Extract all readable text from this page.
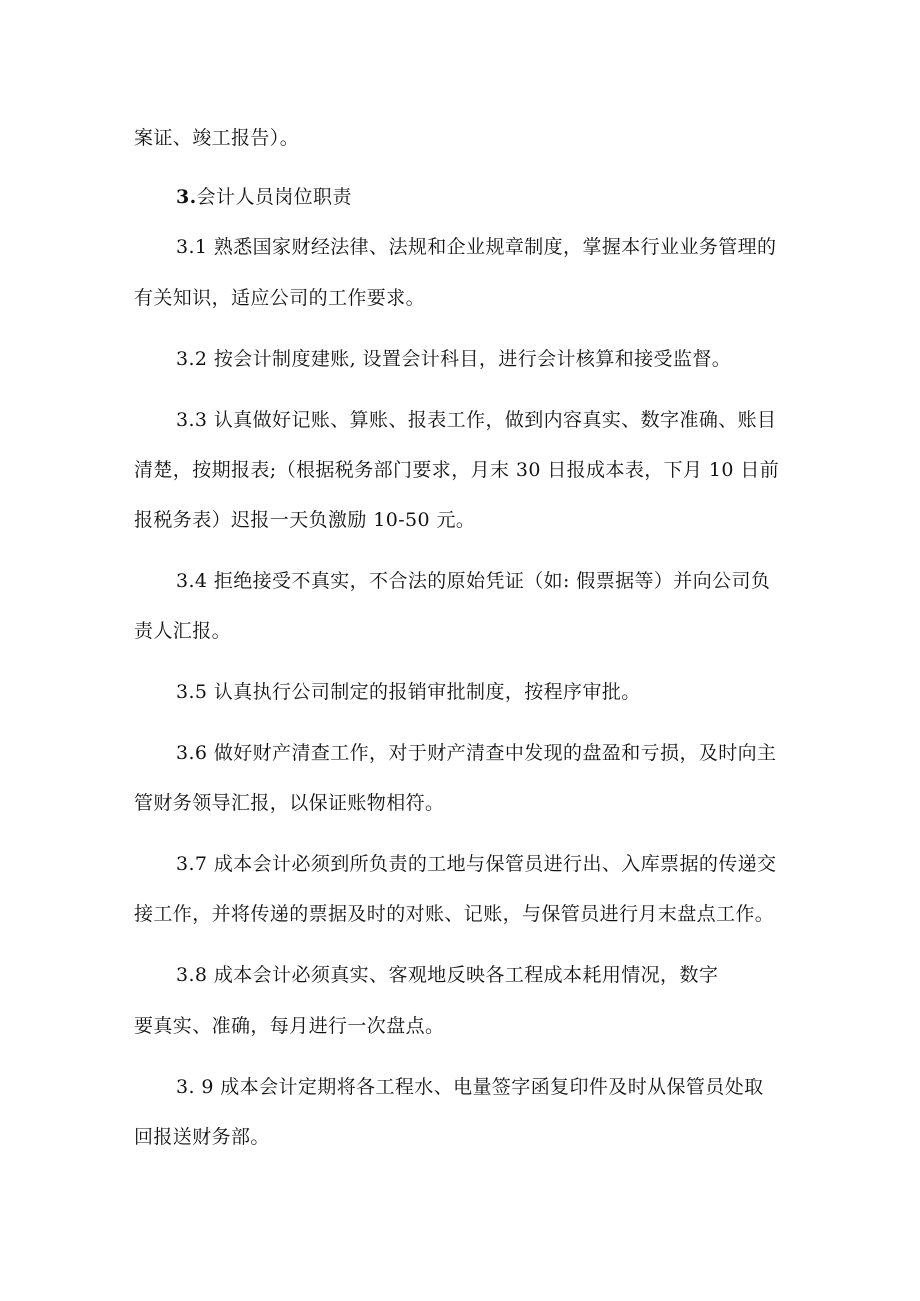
案证、竣工报告）。
3.会计人员岗位职责
3.1 熟悉国家财经法律、法规和企业规章制度，掌握本行业业务管理的
有关知识，适应公司的工作要求。
3.2 按会计制度建账, 设置会计科目，进行会计核算和接受监督。
3.3 认真做好记账、算账、报表工作，做到内容真实、数字准确、账目
清楚，按期报表;（根据税务部门要求，月末 30 日报成本表，下月 10 日前
报税务表）迟报一天负激励 10-50 元。
3.4 拒绝接受不真实，不合法的原始凭证（如: 假票据等）并向公司负
责人汇报。
3.5 认真执行公司制定的报销审批制度，按程序审批。
3.6 做好财产清查工作，对于财产清查中发现的盘盈和亏损，及时向主
管财务领导汇报，以保证账物相符。
3.7 成本会计必须到所负责的工地与保管员进行出、入库票据的传递交
接工作，并将传递的票据及时的对账、记账，与保管员进行月末盘点工作。
3.8 成本会计必须真实、客观地反映各工程成本耗用情况，数字
要真实、准确，每月进行一次盘点。
3. 9 成本会计定期将各工程水、电量签字函复印件及时从保管员处取
回报送财务部。
